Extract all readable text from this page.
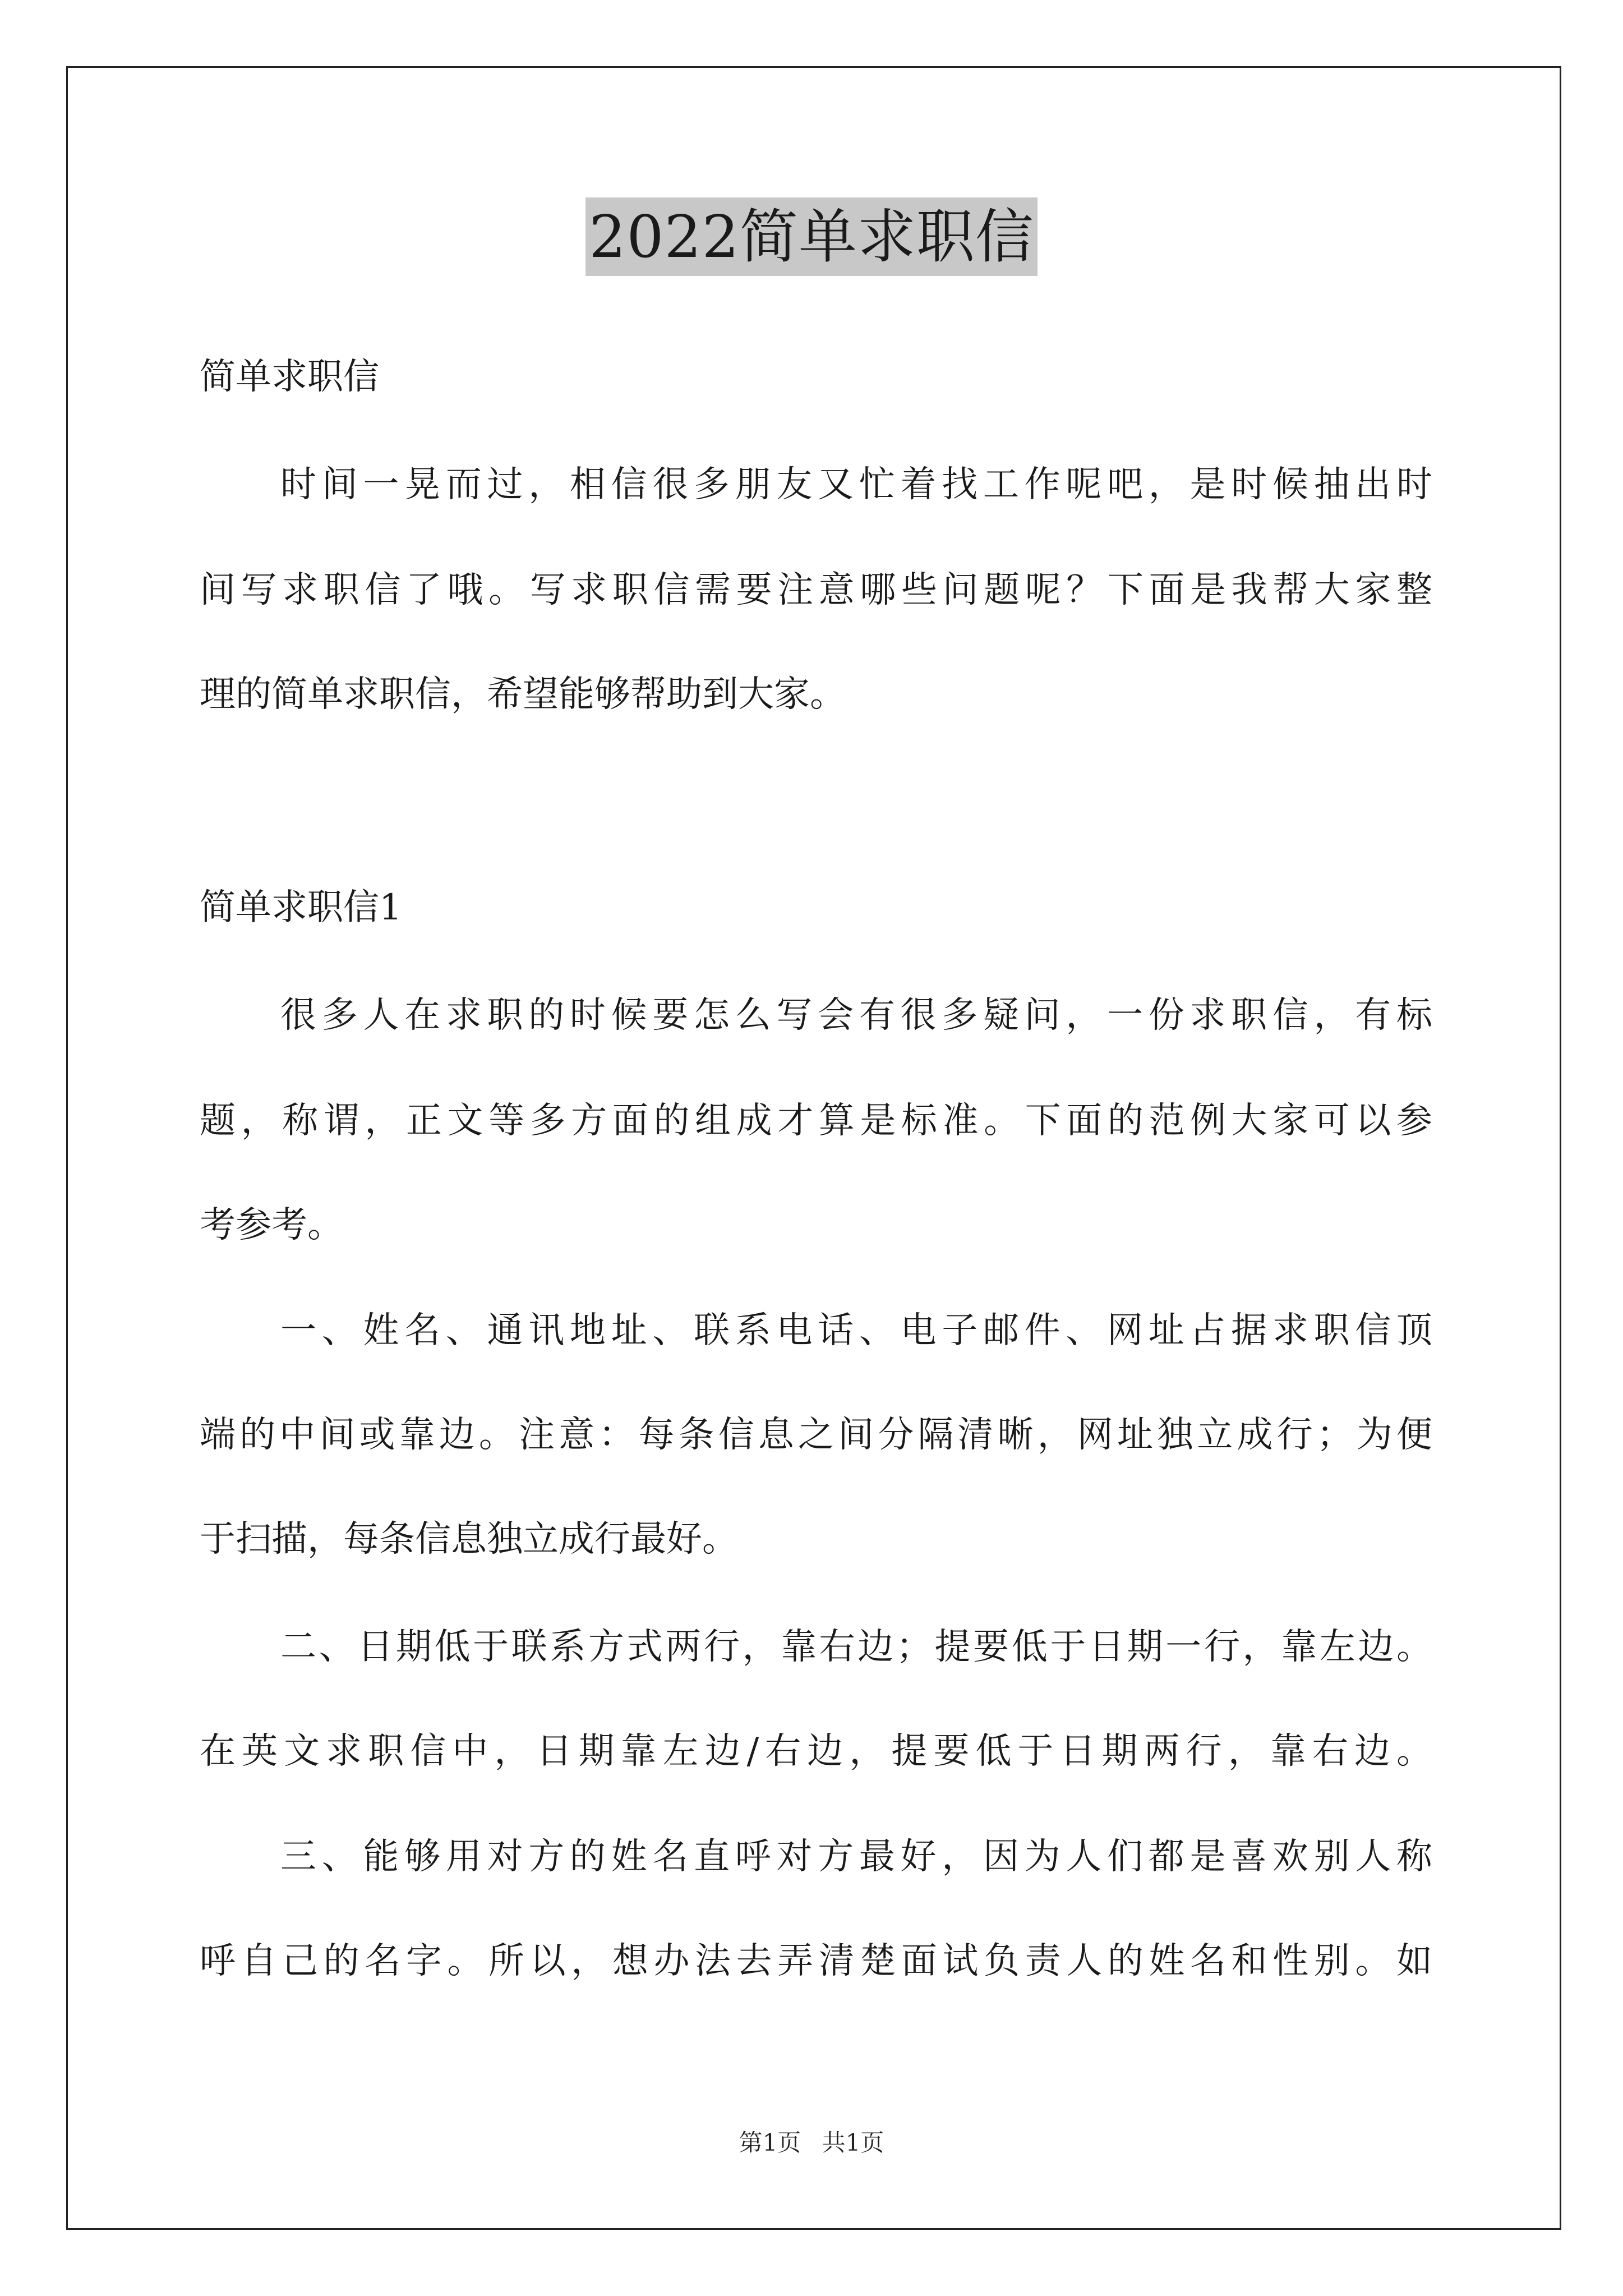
2022简单求职信
简单求职信
时间一晃而过，相信很多朋友又忙着找工作呢吧，是时候抽出时
间写求职信了哦。写求职信需要注意哪些问题呢？下面是我帮大家整
理的简单求职信，希望能够帮助到大家。
简单求职信1
很多人在求职的时候要怎么写会有很多疑问，一份求职信，有标
题，称谓，正文等多方面的组成才算是标准。下面的范例大家可以参
考参考。
一、姓名、通讯地址、联系电话、电子邮件、网址占据求职信顶
端的中间或靠边。注意：每条信息之间分隔清晰，网址独立成行；为便
于扫描，每条信息独立成行最好。
二、日期低于联系方式两行，靠右边；提要低于日期一行，靠左边。
在英文求职信中，日期靠左边/右边，提要低于日期两行，靠右边。
三、能够用对方的姓名直呼对方最好，因为人们都是喜欢别人称
呼自己的名字。所以，想办法去弄清楚面试负责人的姓名和性别。如
第1页 共1页
